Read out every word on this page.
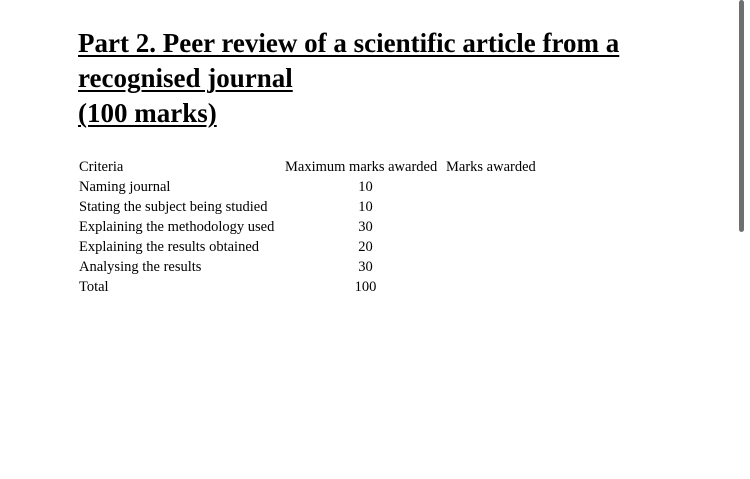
Part 2. Peer review of a scientific article from a
recognised journal
(100 marks)
Criteria	Maximum marks awarded	Marks awarded
Naming journal	10	
Stating the subject being studied	10	
Explaining the methodology used	30	
Explaining the results obtained	20	
Analysing the results	30	
Total	100	
